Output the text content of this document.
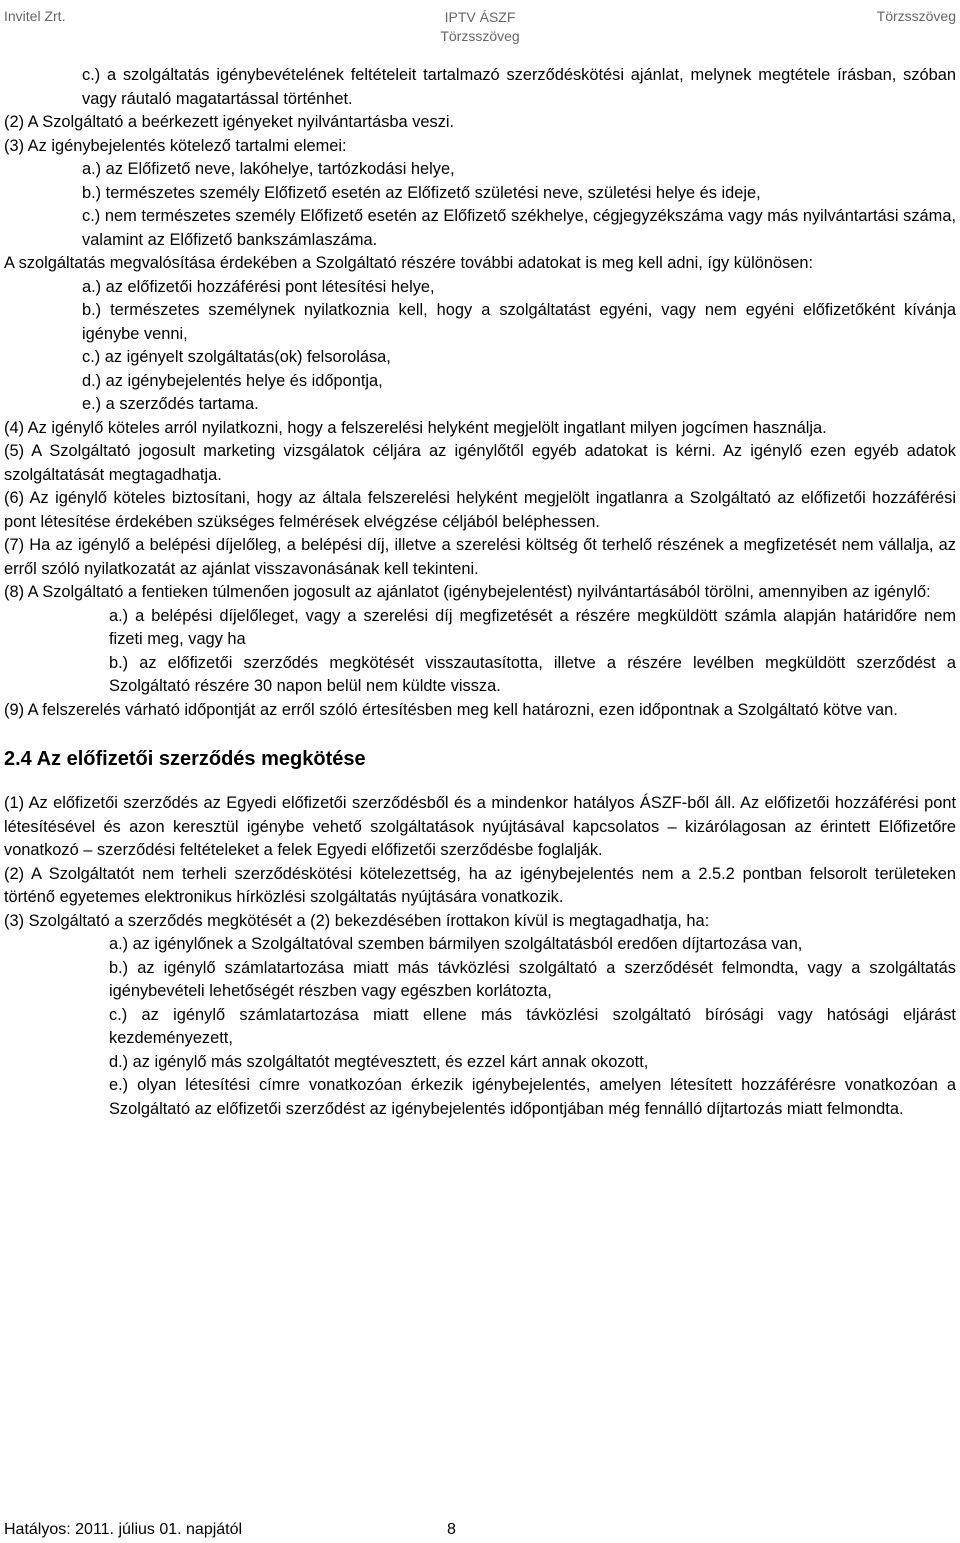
Invitel Zrt.	IPTV ÁSZF
Törzsszöveg
Törzsszöveg

c.) a szolgáltatás igénybevételének feltételeit tartalmazó szerződéskötési ajánlat, melynek megtétele írásban, szóban vagy ráutaló magatartással történhet.

(2) A Szolgáltató a beérkezett igényeket nyilvántartásba veszi.

(3) Az igénybejelentés kötelező tartalmi elemei:

a.) az Előfizető neve, lakóhelye, tartózkodási helye,

b.) természetes személy Előfizető esetén az Előfizető születési neve, születési helye és ideje,

c.) nem természetes személy Előfizető esetén az Előfizető székhelye, cégjegyzékszáma vagy más nyilvántartási száma, valamint az Előfizető bankszámlaszáma.

A szolgáltatás megvalósítása érdekében a Szolgáltató részére további adatokat is meg kell adni, így különösen:

a.) az előfizetői hozzáférési pont létesítési helye,

b.) természetes személynek nyilatkoznia kell, hogy a szolgáltatást egyéni, vagy nem egyéni előfizetőként kívánja igénybe venni,

c.) az igényelt szolgáltatás(ok) felsorolása,

d.) az igénybejelentés helye és időpontja,

e.) a szerződés tartama.

(4) Az igénylő köteles arról nyilatkozni, hogy a felszerelési helyként megjelölt ingatlant milyen jogcímen használja.

(5) A Szolgáltató jogosult marketing vizsgálatok céljára az igénylőtől egyéb adatokat is kérni. Az igénylő ezen egyéb adatok szolgáltatását megtagadhatja.

(6) Az igénylő köteles biztosítani, hogy az általa felszerelési helyként megjelölt ingatlanra a Szolgáltató az előfizetői hozzáférési pont létesítése érdekében szükséges felmérések elvégzése céljából beléphessen.

(7) Ha az igénylő a belépési díjelőleg, a belépési díj, illetve a szerelési költség őt terhelő részének a megfizetését nem vállalja, az erről szóló nyilatkozatát az ajánlat visszavonásának kell tekinteni.

(8) A Szolgáltató a fentieken túlmenően jogosult az ajánlatot (igénybejelentést) nyilvántartásából törölni, amennyiben az igénylő:

a.) a belépési díjelőleget, vagy a szerelési díj megfizetését a részére megküldött számla alapján határidőre nem fizeti meg, vagy ha

b.) az előfizetői szerződés megkötését visszautasította, illetve a részére levélben megküldött szerződést a Szolgáltató részére 30 napon belül nem küldte vissza.

(9) A felszerelés várható időpontját az erről szóló értesítésben meg kell határozni, ezen időpontnak a Szolgáltató kötve van.

2.4 Az előfizetői szerződés megkötése

(1) Az előfizetői szerződés az Egyedi előfizetői szerződésből és a mindenkor hatályos ÁSZF-ből áll. Az előfizetői hozzáférési pont létesítésével és azon keresztül igénybe vehető szolgáltatások nyújtásával kapcsolatos – kizárólagosan az érintett Előfizetőre vonatkozó – szerződési feltételeket a felek Egyedi előfizetői szerződésbe foglalják.

(2) A Szolgáltatót nem terheli szerződéskötési kötelezettség, ha az igénybejelentés nem a 2.5.2 pontban felsorolt területeken történő egyetemes elektronikus hírközlési szolgáltatás nyújtására vonatkozik.

(3) Szolgáltató a szerződés megkötését a (2) bekezdésében írottakon kívül is megtagadhatja, ha:

a.) az igénylőnek a Szolgáltatóval szemben bármilyen szolgáltatásból eredően díjtartozása van,

b.) az igénylő számlatartozása miatt más távközlési szolgáltató a szerződését felmondta, vagy a szolgáltatás igénybevételi lehetőségét részben vagy egészben korlátozta,

c.) az igénylő számlatartozása miatt ellene más távközlési szolgáltató bírósági vagy hatósági eljárást kezdeményezett,

d.) az igénylő más szolgáltatót megtévesztett, és ezzel kárt annak okozott,

e.) olyan létesítési címre vonatkozóan érkezik igénybejelentés, amelyen létesített hozzáférésre vonatkozóan a Szolgáltató az előfizetői szerződést az igénybejelentés időpontjában még fennálló díjtartozás miatt felmondta.

Hatályos: 2011. július 01. napjától	8
